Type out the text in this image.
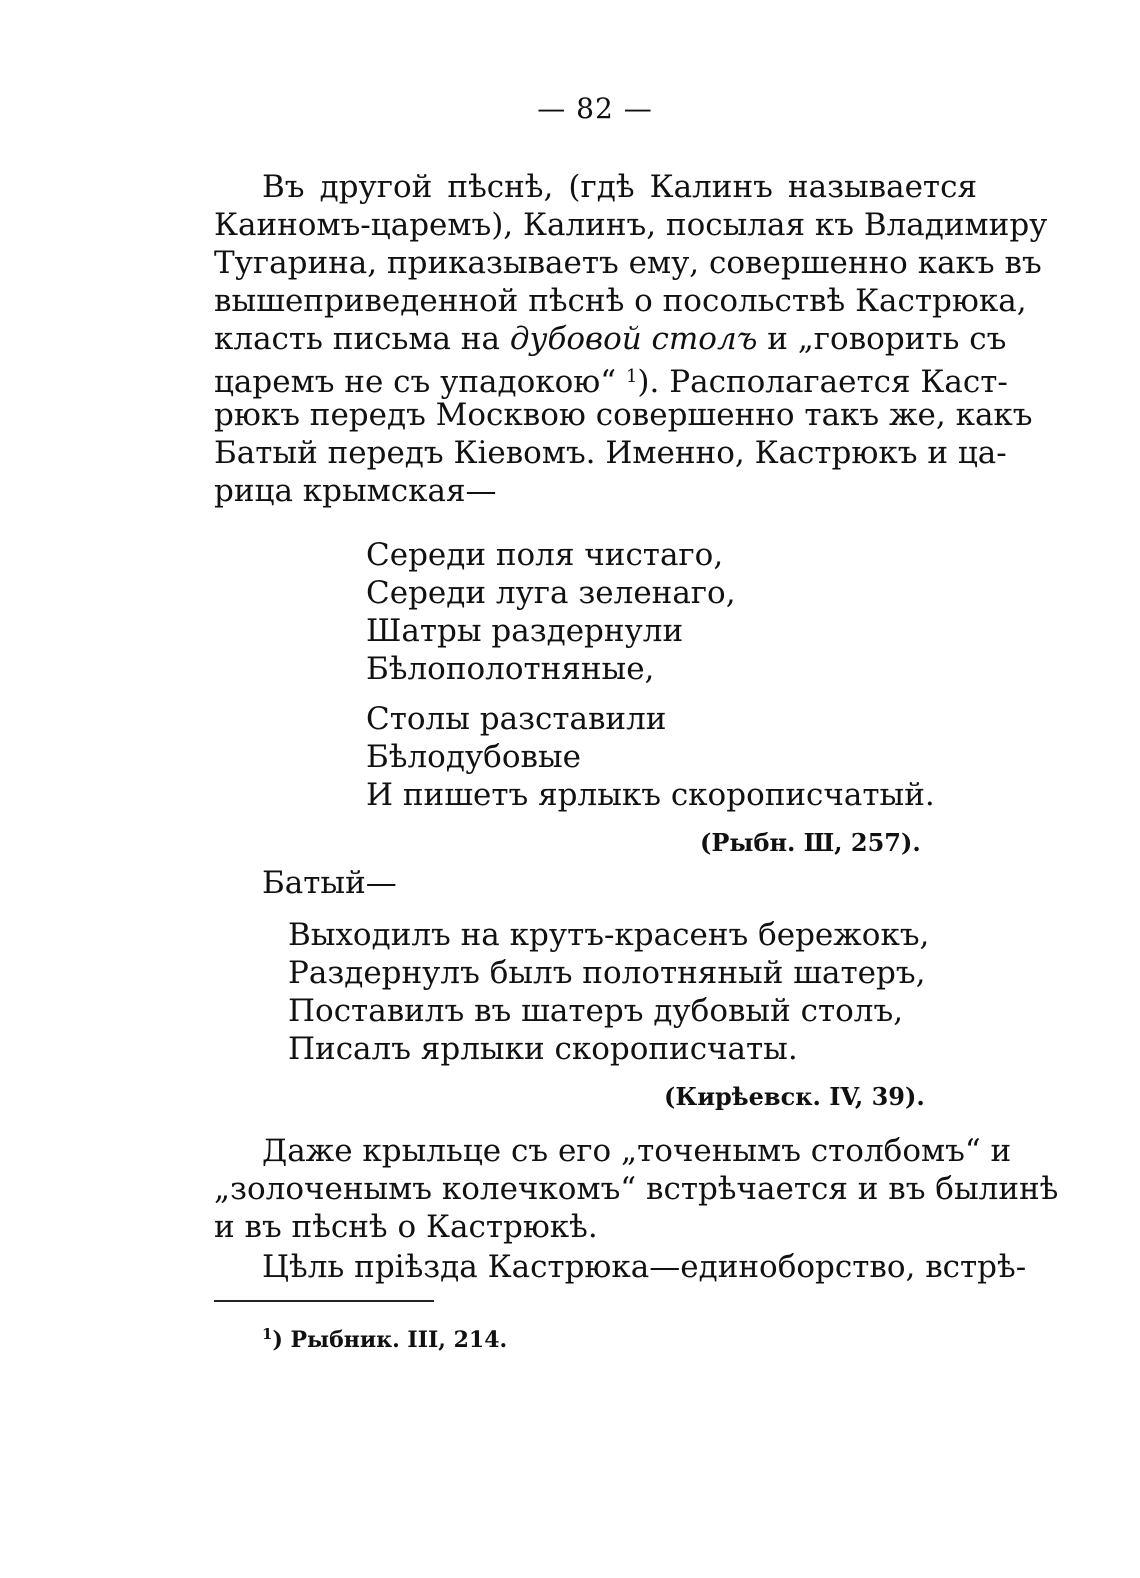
— 82 —
Въ другой пѣснѣ, (гдѣ Калинъ называется
Каиномъ-царемъ), Калинъ, посылая къ Владимиру
Тугарина, приказываетъ ему, совершенно какъ въ
вышеприведенной пѣснѣ о посольствѣ Кастрюка,
класть письма на дубовой столъ и „говорить съ
царемъ не съ упадокою“ $^1$). Располагается Каст-
рюкъ передъ Москвою совершенно такъ же, какъ
Батый передъ Кіевомъ. Именно, Кастрюкъ и ца-
рица крымская—
Середи поля чистаго,
Середи луга зеленаго,
Шатры раздернули
Бѣлополотняные,
Столы разставили
Бѣлодубовые
И пишетъ ярлыкъ скорописчатый.
(Рыбн. Ш, 257).
Батый—
Выходилъ на крутъ-красенъ бережокъ,
Раздернулъ былъ полотняный шатеръ,
Поставилъ въ шатеръ дубовый столъ,
Писалъ ярлыки скорописчаты.
(Кирѣевск. IV, 39).
Даже крыльце съ его „точенымъ столбомъ“ и
„золоченымъ колечкомъ“ встрѣчается и въ былинѣ
и въ пѣснѣ о Кастрюкѣ.
Цѣль пріѣзда Кастрюка—единоборство, встрѣ-
$^1$) Рыбник. III, 214.
